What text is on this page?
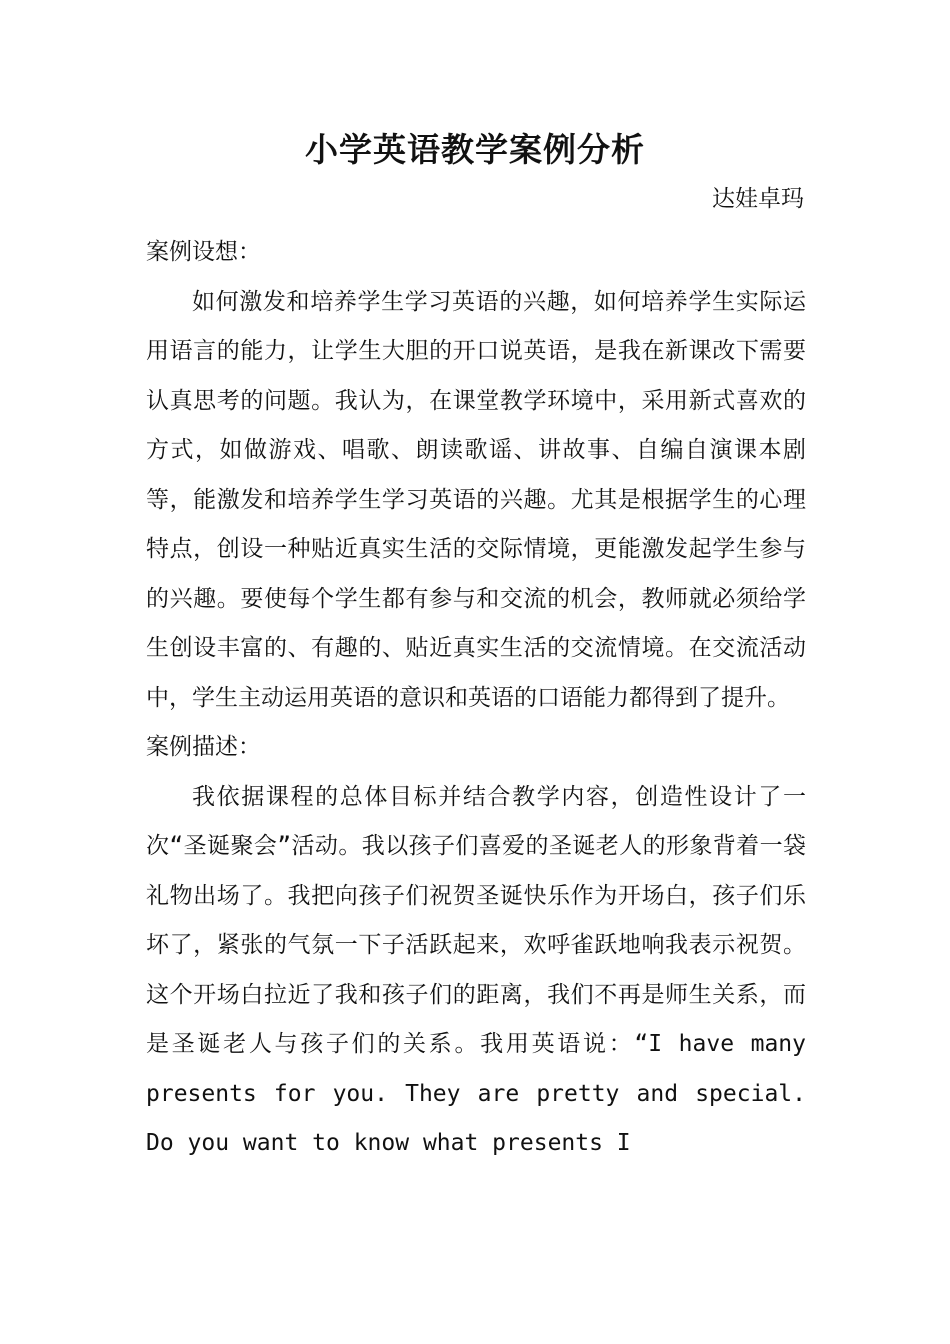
小学英语教学案例分析
达娃卓玛

案例设想：

如何激发和培养学生学习英语的兴趣，如何培养学生实际运用语言的能力，让学生大胆的开口说英语，是我在新课改下需要认真思考的问题。我认为，在课堂教学环境中，采用新式喜欢的方式，如做游戏、唱歌、朗读歌谣、讲故事、自编自演课本剧等，能激发和培养学生学习英语的兴趣。尤其是根据学生的心理特点，创设一种贴近真实生活的交际情境，更能激发起学生参与的兴趣。要使每个学生都有参与和交流的机会，教师就必须给学生创设丰富的、有趣的、贴近真实生活的交流情境。在交流活动中，学生主动运用英语的意识和英语的口语能力都得到了提升。

案例描述：

我依据课程的总体目标并结合教学内容，创造性设计了一次“圣诞聚会”活动。我以孩子们喜爱的圣诞老人的形象背着一袋礼物出场了。我把向孩子们祝贺圣诞快乐作为开场白，孩子们乐坏了，紧张的气氛一下子活跃起来，欢呼雀跃地响我表示祝贺。这个开场白拉近了我和孩子们的距离，我们不再是师生关系，而是圣诞老人与孩子们的关系。我用英语说：“I have many presents for you. They are pretty and special. Do you want to know what presents I
